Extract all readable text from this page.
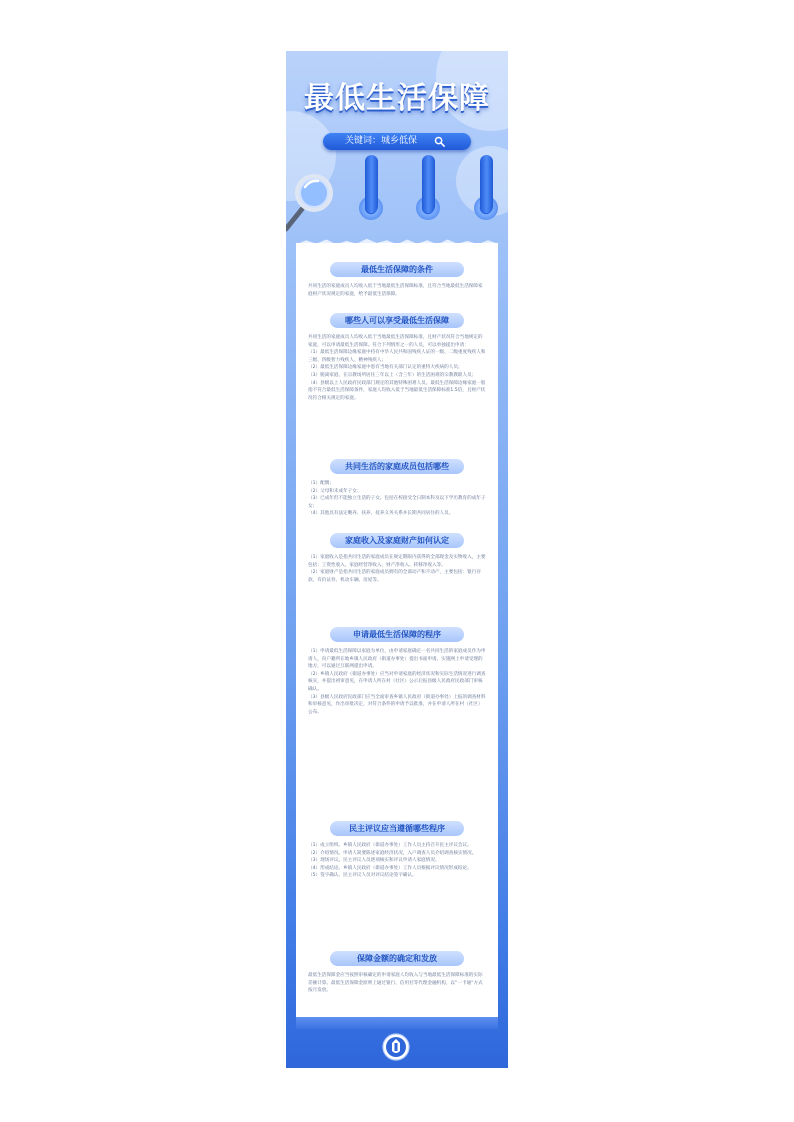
最低生活保障
关键词：城乡低保
最低生活保障的条件

共同生活的家庭成员人均收入低于当地最低生活保障标准，且符合当地最低生活保障家庭财产状况规定的家庭，给予最低生活保障。

哪些人可以享受最低生活保障

共同生活的家庭成员人均收入低于当地最低生活保障标准，且财产状况符合当地规定的家庭，可以申请最低生活保障。符合下列情形之一的人员，可以单独提出申请：

（1）最低生活保障边缘家庭中持有中华人民共和国残疾人证的一级、二级重度残疾人和三级、四级智力残疾人、精神残疾人；

（2）最低生活保障边缘家庭中患有当地有关部门认定的重特大疾病的人员；

（3）脱离家庭、在宗教场所居住三年以上（含三年）的生活困难的宗教教职人员；

（4）县级以上人民政府民政部门规定的其他特殊困难人员。最低生活保障边缘家庭一般指不符合最低生活保障条件，家庭人均收入低于当地最低生活保障标准1.5倍，且财产状况符合相关规定的家庭。

共同生活的家庭成员包括哪些

（1）配偶；

（2）父母和未成年子女；

（3）已成年但不能独立生活的子女，包括在校接受全日制本科及以下学历教育的成年子女；

（4）其他具有法定赡养、扶养、抚养义务关系并长期共同居住的人员。

家庭收入及家庭财产如何认定

（1）家庭收入是指共同生活的家庭成员在规定期限内获得的全部现金及实物收入，主要包括：工资性收入、家庭经营净收入、财产净收入、转移净收入等。

（2）家庭财产是指共同生活的家庭成员拥有的全部动产和不动产，主要包括：银行存款、有价证券、机动车辆、房屋等。

申请最低生活保障的程序

（1）申请最低生活保障以家庭为单位，由申请家庭确定一名共同生活的家庭成员作为申请人，向户籍所在地乡镇人民政府（街道办事处）提出书面申请。实施网上申请受理的地方，可以通过互联网提出申请。

（2）乡镇人民政府（街道办事处）应当对申请家庭的经济状况和实际生活情况进行调查核实，并提出初审意见，在申请人所在村（社区）公示后报县级人民政府民政部门审核确认。

（3）县级人民政府民政部门应当全面审查乡镇人民政府（街道办事处）上报的调查材料和审核意见，作出审批决定，对符合条件的申请予以批准，并在申请人所在村（社区）公布。

民主评议应当遵循哪些程序

（1）成立组织。乡镇人民政府（街道办事处）工作人员主持召开民主评议会议。

（2）介绍情况。申请人简要陈述家庭经济状况，入户调查人员介绍调查核实情况。

（3）现场评议。民主评议人员逐项核实和评议申请人家庭情况。

（4）形成结论。乡镇人民政府（街道办事处）工作人员根据评议情况形成结论。

（5）签字确认。民主评议人员对评议结论签字确认。

保障金额的确定和发放

最低生活保障金应当按照审核确定的申请家庭人均收入与当地最低生活保障标准的实际差额计算。最低生活保障金原则上通过银行、信用社等代理金融机构，以“一卡通”方式按月发放。
